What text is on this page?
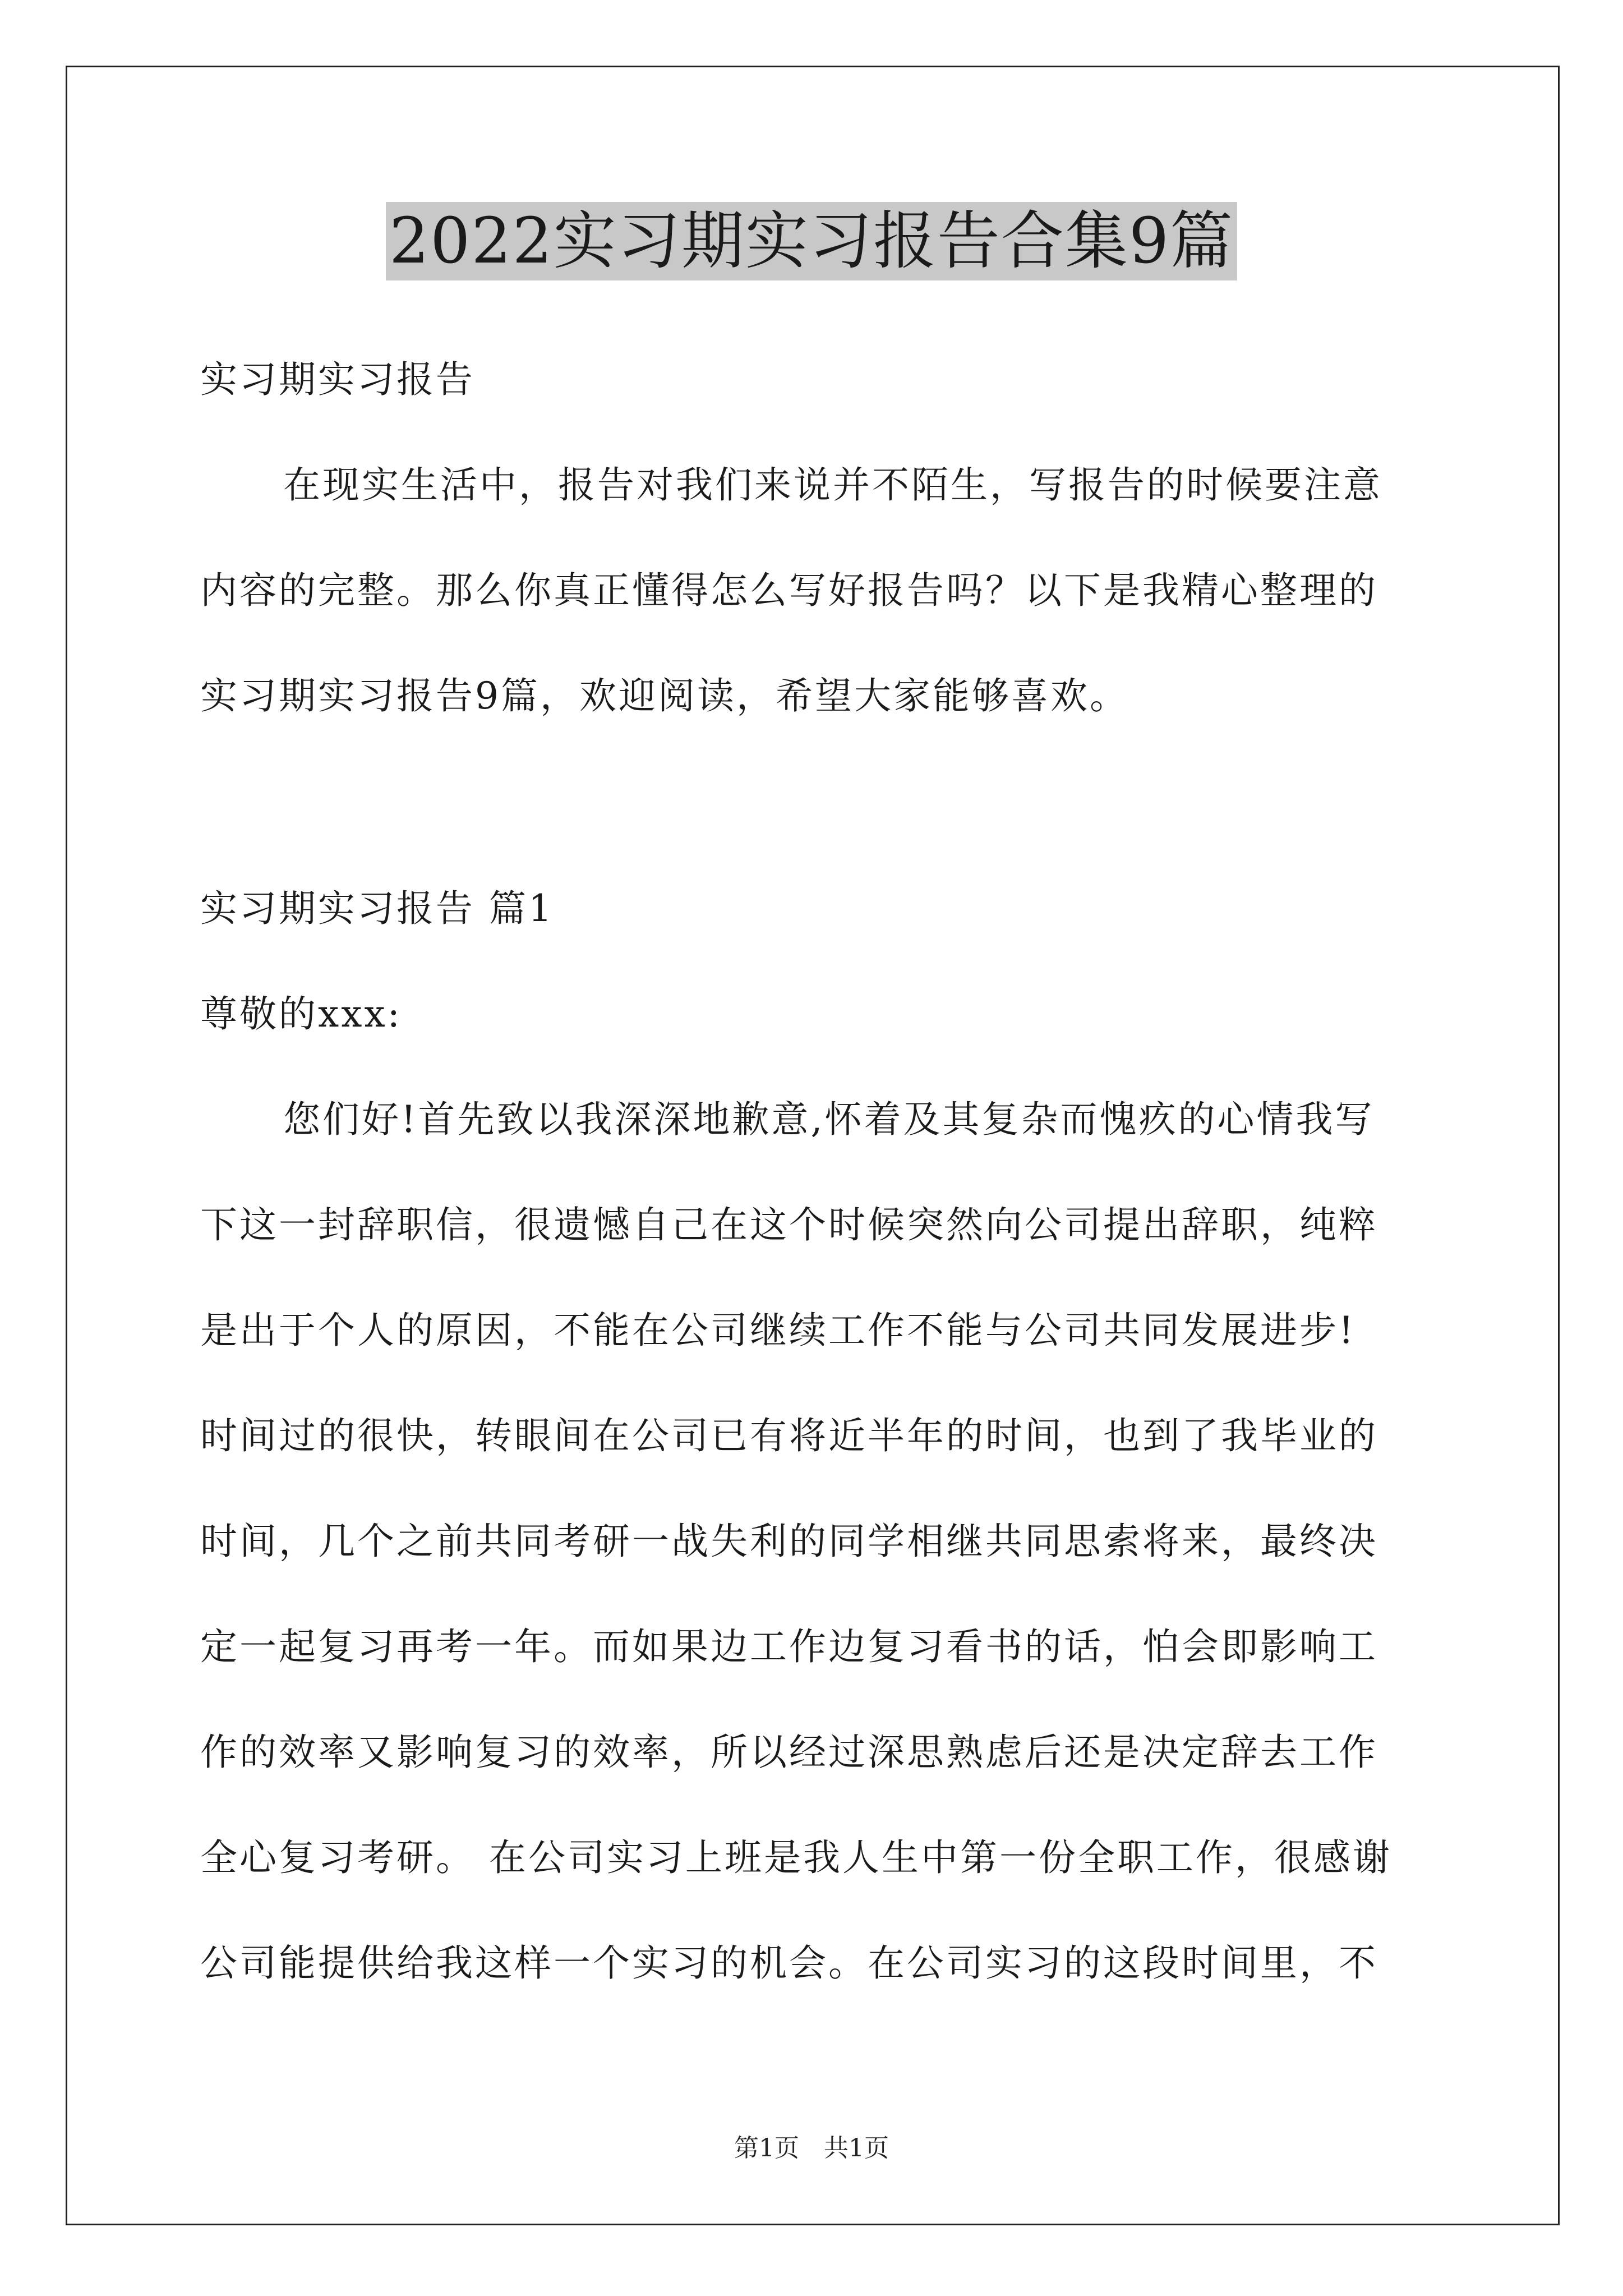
2022实习期实习报告合集9篇
实习期实习报告
在现实生活中，报告对我们来说并不陌生，写报告的时候要注意
内容的完整。那么你真正懂得怎么写好报告吗？以下是我精心整理的
实习期实习报告9篇，欢迎阅读，希望大家能够喜欢。
实习期实习报告 篇1
尊敬的xxx:
您们好!首先致以我深深地歉意,怀着及其复杂而愧疚的心情我写
下这一封辞职信，很遗憾自己在这个时候突然向公司提出辞职，纯粹
是出于个人的原因，不能在公司继续工作不能与公司共同发展进步!
时间过的很快，转眼间在公司已有将近半年的时间，也到了我毕业的
时间，几个之前共同考研一战失利的同学相继共同思索将来，最终决
定一起复习再考一年。而如果边工作边复习看书的话，怕会即影响工
作的效率又影响复习的效率，所以经过深思熟虑后还是决定辞去工作
全心复习考研。 在公司实习上班是我人生中第一份全职工作，很感谢
公司能提供给我这样一个实习的机会。在公司实习的这段时间里，不
第1页　共1页
